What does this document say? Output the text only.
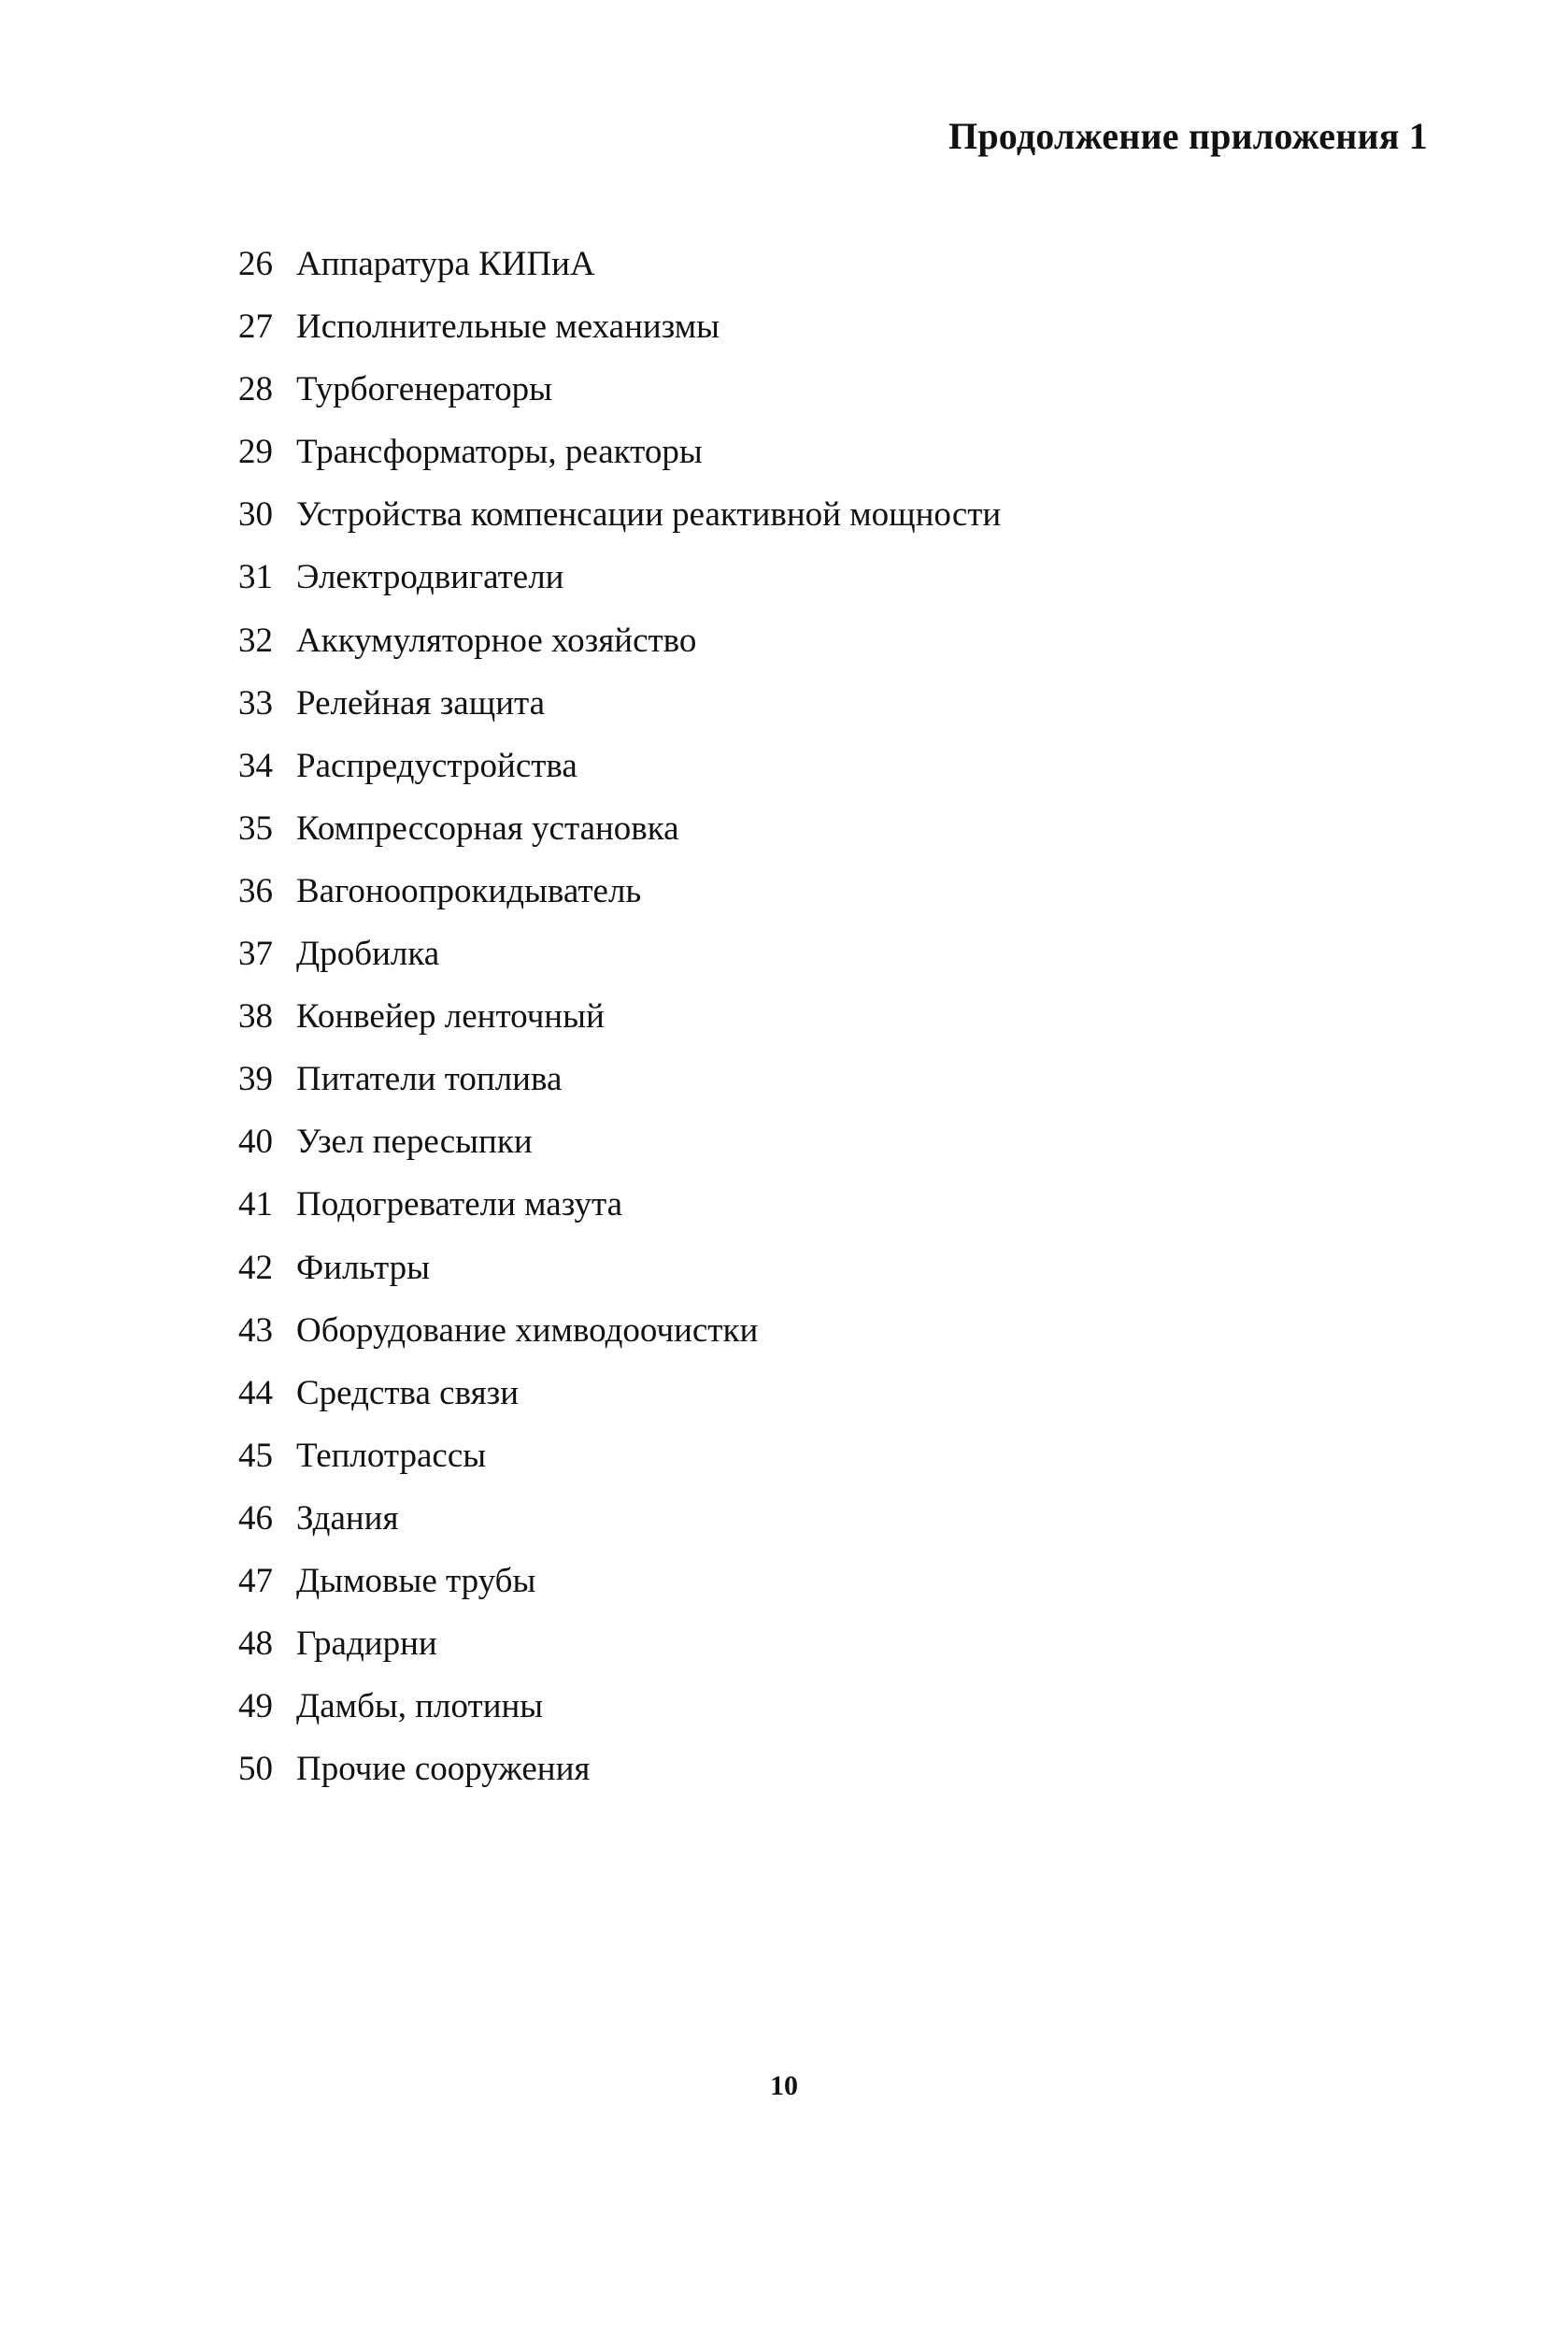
Продолжение приложения 1
26 Аппаратура КИПиА
27 Исполнительные механизмы
28 Турбогенераторы
29 Трансформаторы, реакторы
30 Устройства компенсации реактивной мощности
31 Электродвигатели
32 Аккумуляторное хозяйство
33 Релейная защита
34 Распредустройства
35 Компрессорная установка
36 Вагоноопрокидыватель
37 Дробилка
38 Конвейер ленточный
39 Питатели топлива
40 Узел пересыпки
41 Подогреватели мазута
42 Фильтры
43 Оборудование химводоочистки
44 Средства связи
45 Теплотрассы
46 Здания
47 Дымовые трубы
48 Градирни
49 Дамбы, плотины
50 Прочие сооружения
10
